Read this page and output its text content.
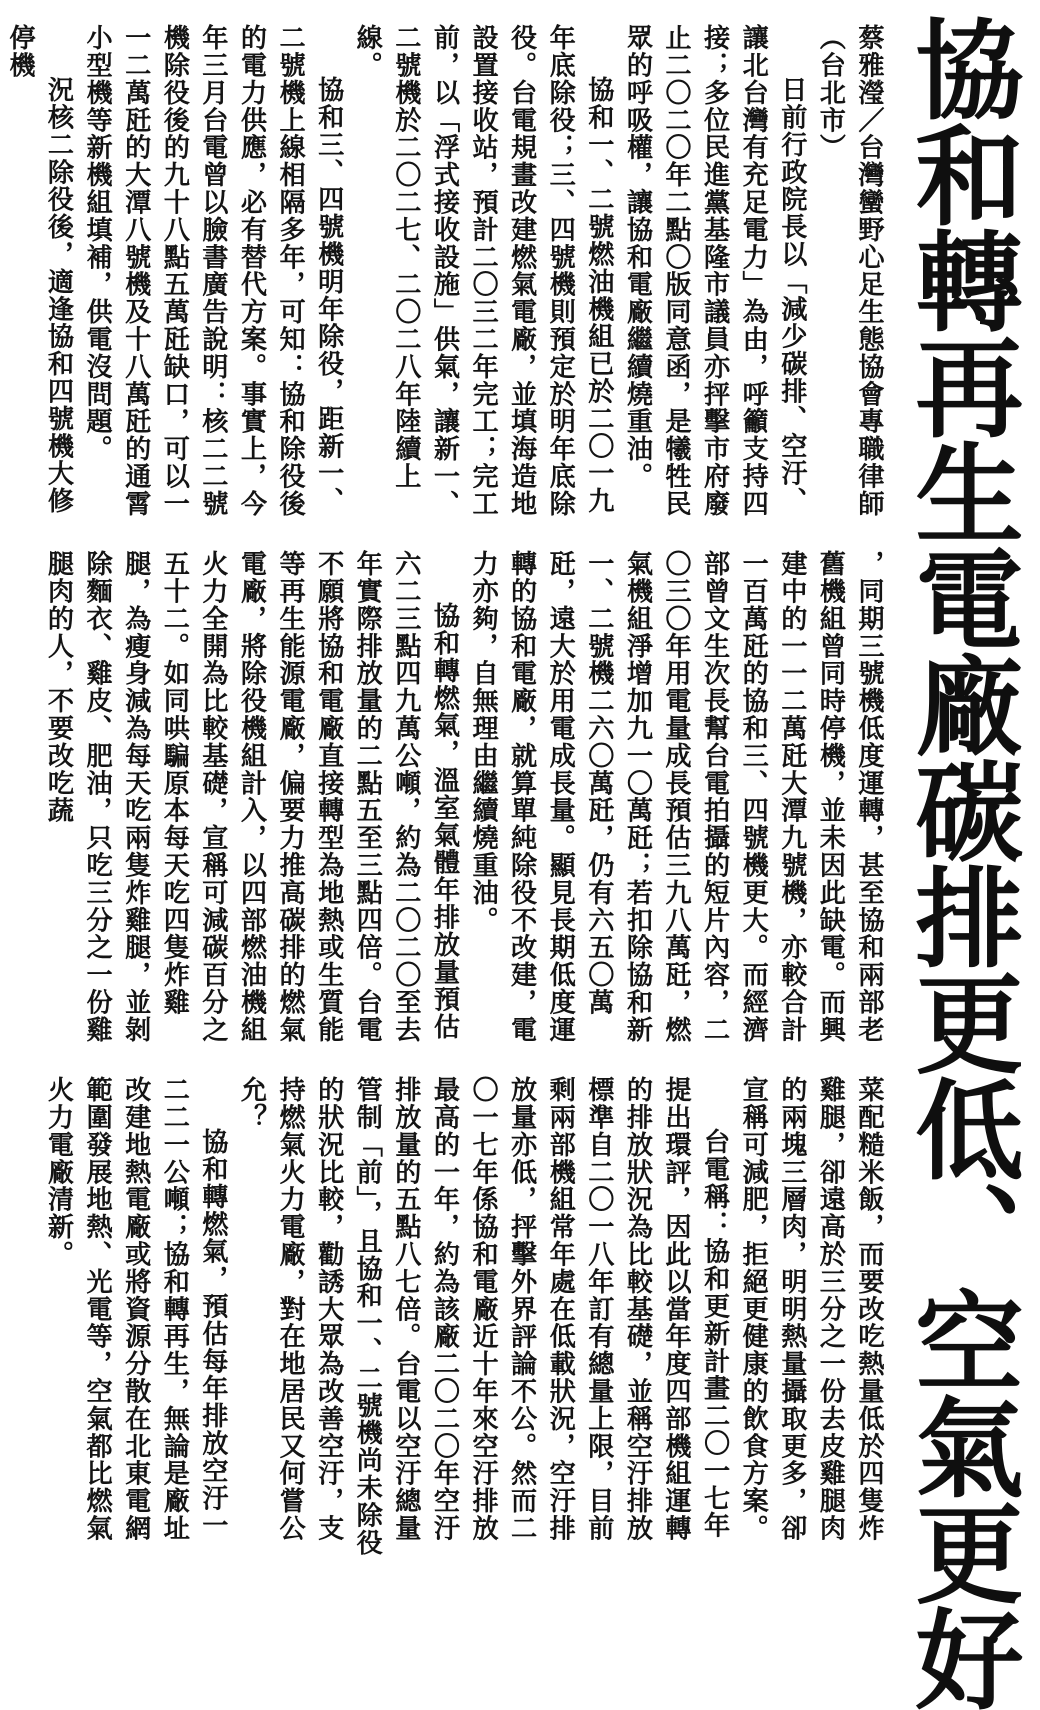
協和轉再生電廠碳排更低、空氣更好

蔡雅瀅／台灣蠻野心足生態協會專職律師（台北市）

日前行政院長以「減少碳排、空汙、讓北台灣有充足電力」為由，呼籲支持四接；多位民進黨基隆市議員亦抨擊市府廢止二〇二〇年二點〇版同意函，是犧牲民眾的呼吸權，讓協和電廠繼續燒重油。

協和一、二號燃油機組已於二〇一九年底除役；三、四號機則預定於明年底除役。台電規畫改建燃氣電廠，並填海造地設置接收站，預計二〇三二年完工；完工前，以「浮式接收設施」供氣，讓新一、二號機於二〇二七、二〇二八年陸續上線。

協和三、四號機明年除役，距新一、二號機上線相隔多年，可知：協和除役後的電力供應，必有替代方案。事實上，今年三月台電曾以臉書廣告說明：核二二號機除役後的九十八點五萬瓩缺口，可以一一二萬瓩的大潭八號機及十八萬瓩的通霄小型機等新機組填補，供電沒問題。

況核二除役後，適逢協和四號機大修停機

，同期三號機低度運轉，甚至協和兩部老舊機組曾同時停機，並未因此缺電。而興建中的一一二萬瓩大潭九號機，亦較合計一百萬瓩的協和三、四號機更大。而經濟部曾文生次長幫台電拍攝的短片內容，二〇三〇年用電量成長預估三九八萬瓩，燃氣機組淨增加九一〇萬瓩；若扣除協和新一、二號機二六〇萬瓩，仍有六五〇萬瓩，遠大於用電成長量。顯見長期低度運轉的協和電廠，就算單純除役不改建，電力亦夠，自無理由繼續燒重油。

協和轉燃氣，溫室氣體年排放量預估六二三點四九萬公噸，約為二〇二〇至去年實際排放量的二點五至三點四倍。台電不願將協和電廠直接轉型為地熱或生質能等再生能源電廠，偏要力推高碳排的燃氣電廠，將除役機組計入，以四部燃油機組火力全開為比較基礎，宣稱可減碳百分之五十二。如同哄騙原本每天吃四隻炸雞腿，為瘦身減為每天吃兩隻炸雞腿，並剝除麵衣、雞皮、肥油，只吃三分之一份雞腿肉的人，不要改吃蔬

菜配糙米飯，而要改吃熱量低於四隻炸雞腿，卻遠高於三分之一份去皮雞腿肉的兩塊三層肉，明明熱量攝取更多，卻宣稱可減肥，拒絕更健康的飲食方案。

台電稱：協和更新計畫二〇一七年提出環評，因此以當年度四部機組運轉的排放狀況為比較基礎，並稱空汙排放標準自二〇一八年訂有總量上限，目前剩兩部機組常年處在低載狀況，空汙排放量亦低，抨擊外界評論不公。然而二〇一七年係協和電廠近十年來空汙排放最高的一年，約為該廠二〇二〇年空汙排放量的五點八七倍。台電以空汙總量管制「前」，且協和一、二號機尚未除役的狀況比較，勸誘大眾為改善空汙，支持燃氣火力電廠，對在地居民又何嘗公允？

協和轉燃氣，預估每年排放空汙一二二一公噸；協和轉再生，無論是廠址改建地熱電廠或將資源分散在北東電網範圍發展地熱、光電等，空氣都比燃氣火力電廠清新。
